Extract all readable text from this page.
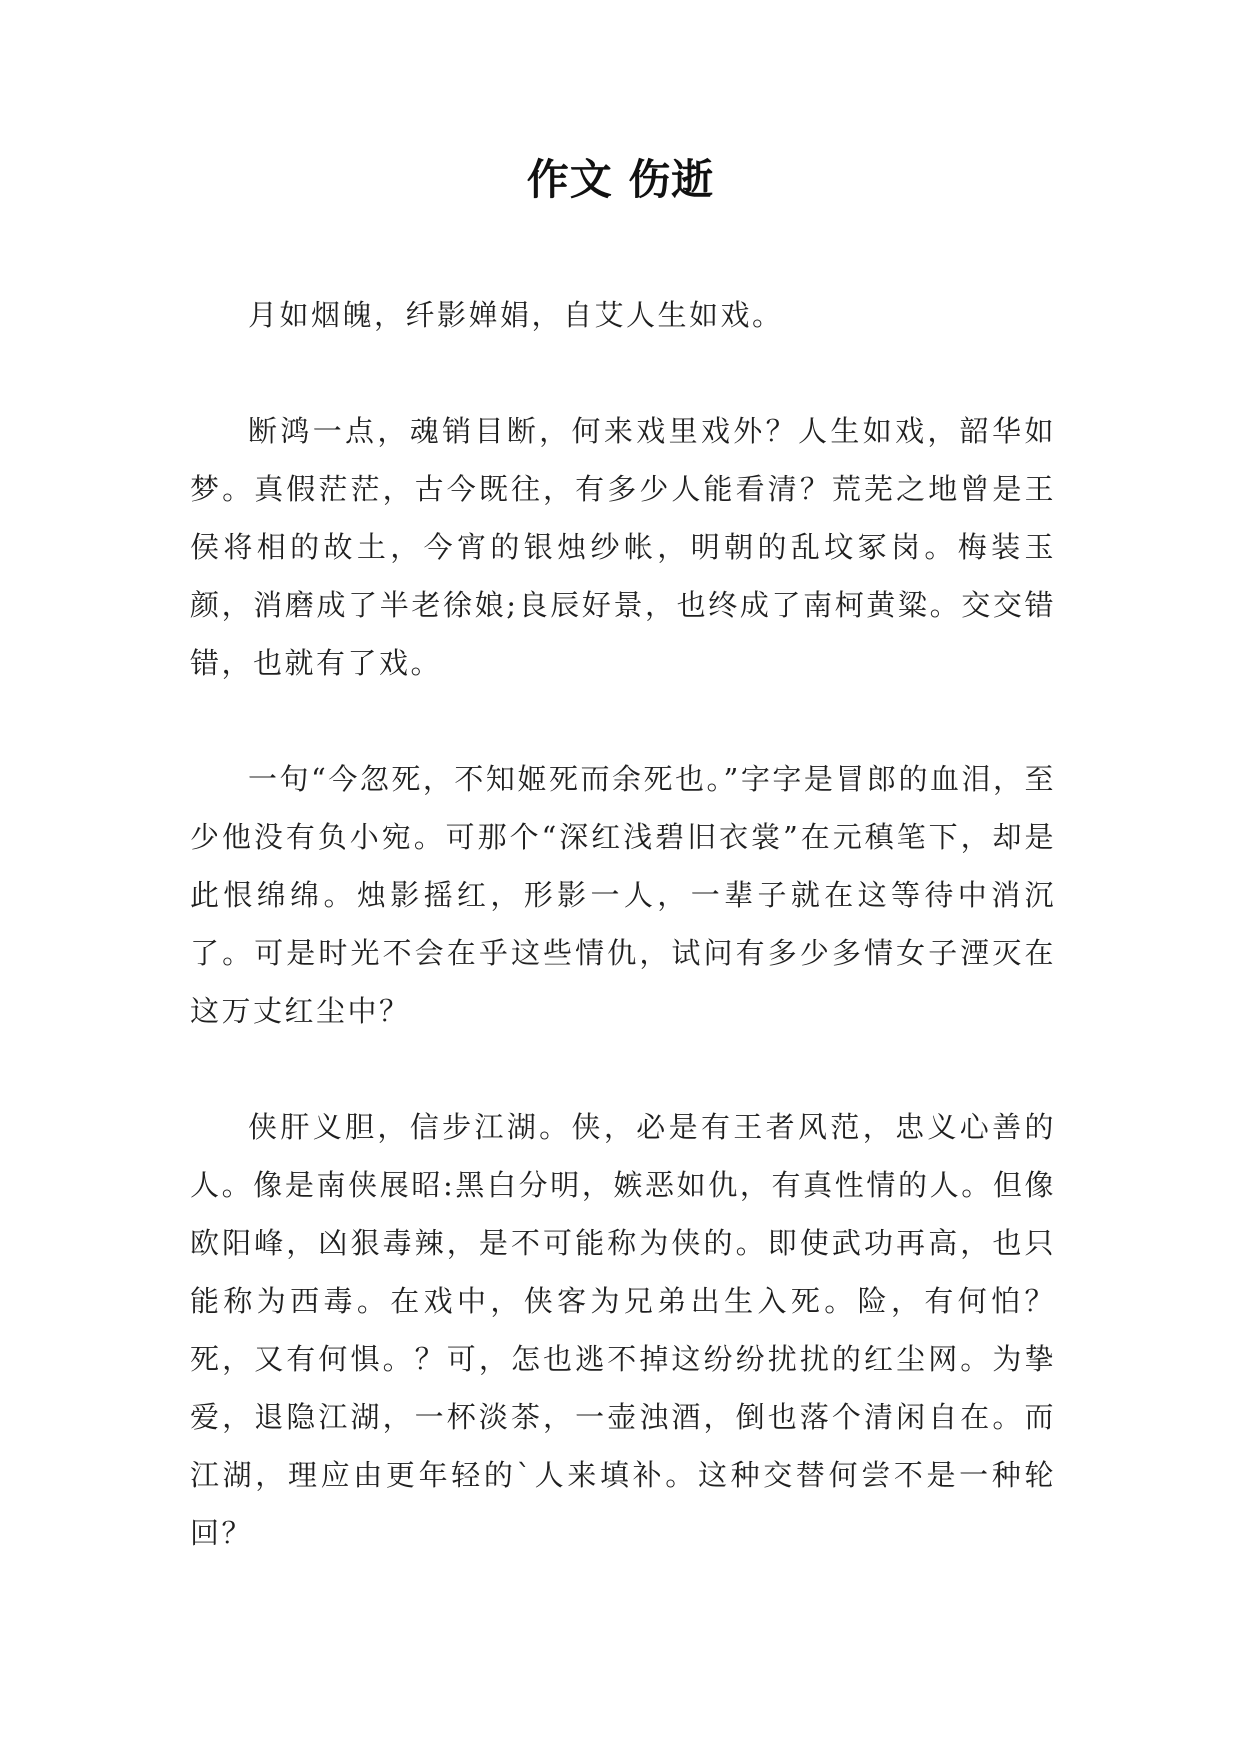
作文 伤逝

月如烟魄，纤影婵娟，自艾人生如戏。

断鸿一点，魂销目断，何来戏里戏外？人生如戏，韶华如梦。真假茫茫，古今既往，有多少人能看清？荒芜之地曾是王侯将相的故土，今宵的银烛纱帐，明朝的乱坟冢岗。梅装玉颜，消磨成了半老徐娘;良辰好景，也终成了南柯黄粱。交交错错，也就有了戏。

一句“今忽死，不知姬死而余死也。”字字是冒郎的血泪，至少他没有负小宛。可那个“深红浅碧旧衣裳”在元稹笔下，却是此恨绵绵。烛影摇红，形影一人，一辈子就在这等待中消沉了。可是时光不会在乎这些情仇，试问有多少多情女子湮灭在这万丈红尘中？

侠肝义胆，信步江湖。侠，必是有王者风范，忠义心善的人。像是南侠展昭:黑白分明，嫉恶如仇，有真性情的人。但像欧阳峰，凶狠毒辣，是不可能称为侠的。即使武功再高，也只能称为西毒。在戏中，侠客为兄弟出生入死。险，有何怕？死，又有何惧。？可，怎也逃不掉这纷纷扰扰的红尘网。为挚爱，退隐江湖，一杯淡茶，一壶浊酒，倒也落个清闲自在。而江湖，理应由更年轻的`人来填补。这种交替何尝不是一种轮回？
